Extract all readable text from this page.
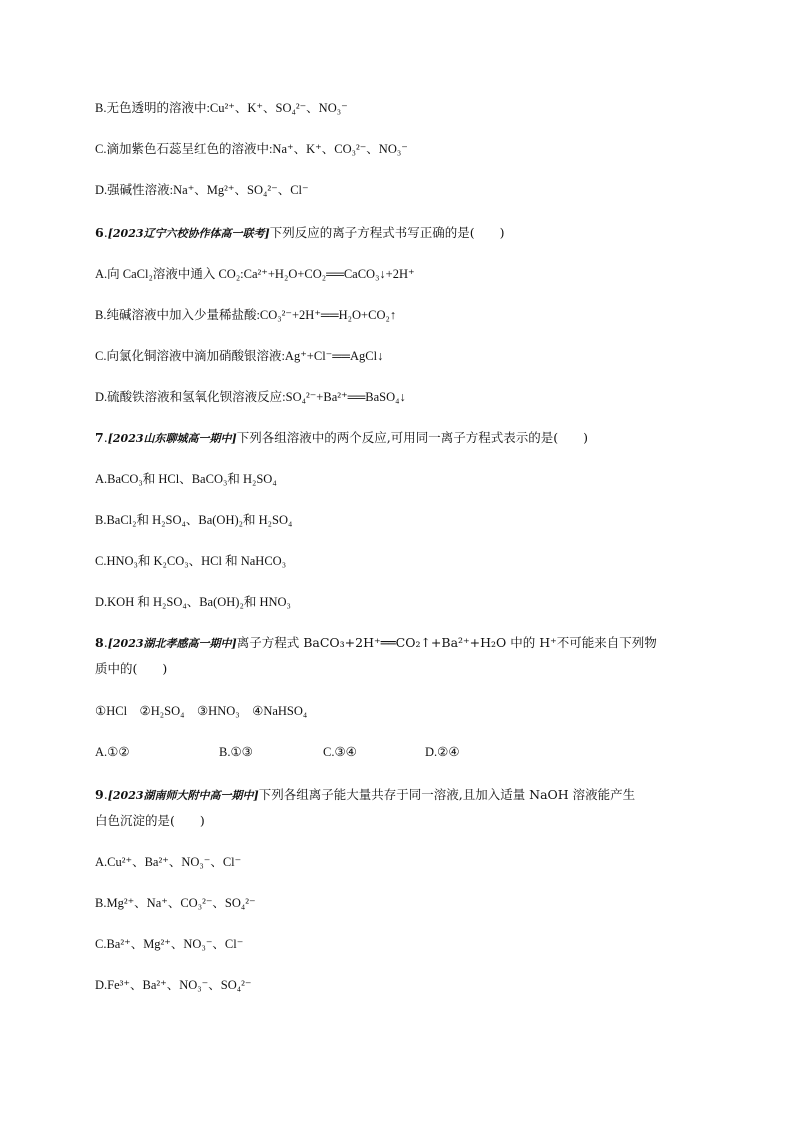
B.无色透明的溶液中:Cu²⁺、K⁺、SO₄²⁻、NO₃⁻
C.滴加紫色石蕊呈红色的溶液中:Na⁺、K⁺、CO₃²⁻、NO₃⁻
D.强碱性溶液:Na⁺、Mg²⁺、SO₄²⁻、Cl⁻
6.[2023辽宁六校协作体高一联考]下列反应的离子方程式书写正确的是(　　)
A.向 CaCl₂溶液中通入 CO₂:Ca²⁺+H₂O+CO₂══CaCO₃↓+2H⁺
B.纯碱溶液中加入少量稀盐酸:CO₃²⁻+2H⁺══H₂O+CO₂↑
C.向氯化铜溶液中滴加硝酸银溶液:Ag⁺+Cl⁻══AgCl↓
D.硫酸铁溶液和氢氧化钡溶液反应:SO₄²⁻+Ba²⁺══BaSO₄↓
7.[2023山东聊城高一期中]下列各组溶液中的两个反应,可用同一离子方程式表示的是(　　)
A.BaCO₃和 HCl、BaCO₃和 H₂SO₄
B.BaCl₂和 H₂SO₄、Ba(OH)₂和 H₂SO₄
C.HNO₃和 K₂CO₃、HCl 和 NaHCO₃
D.KOH 和 H₂SO₄、Ba(OH)₂和 HNO₃
8.[2023湖北孝感高一期中]离子方程式 BaCO₃+2H⁺══CO₂↑+Ba²⁺+H₂O 中的 H⁺不可能来自下列物
质中的(　　)
①HCl　②H₂SO₄　③HNO₃　④NaHSO₄
A.①②	B.①③	C.③④	D.②④
9.[2023湖南师大附中高一期中]下列各组离子能大量共存于同一溶液,且加入适量 NaOH 溶液能产生
白色沉淀的是(　　)
A.Cu²⁺、Ba²⁺、NO₃⁻、Cl⁻
B.Mg²⁺、Na⁺、CO₃²⁻、SO₄²⁻
C.Ba²⁺、Mg²⁺、NO₃⁻、Cl⁻
D.Fe³⁺、Ba²⁺、NO₃⁻、SO₄²⁻
